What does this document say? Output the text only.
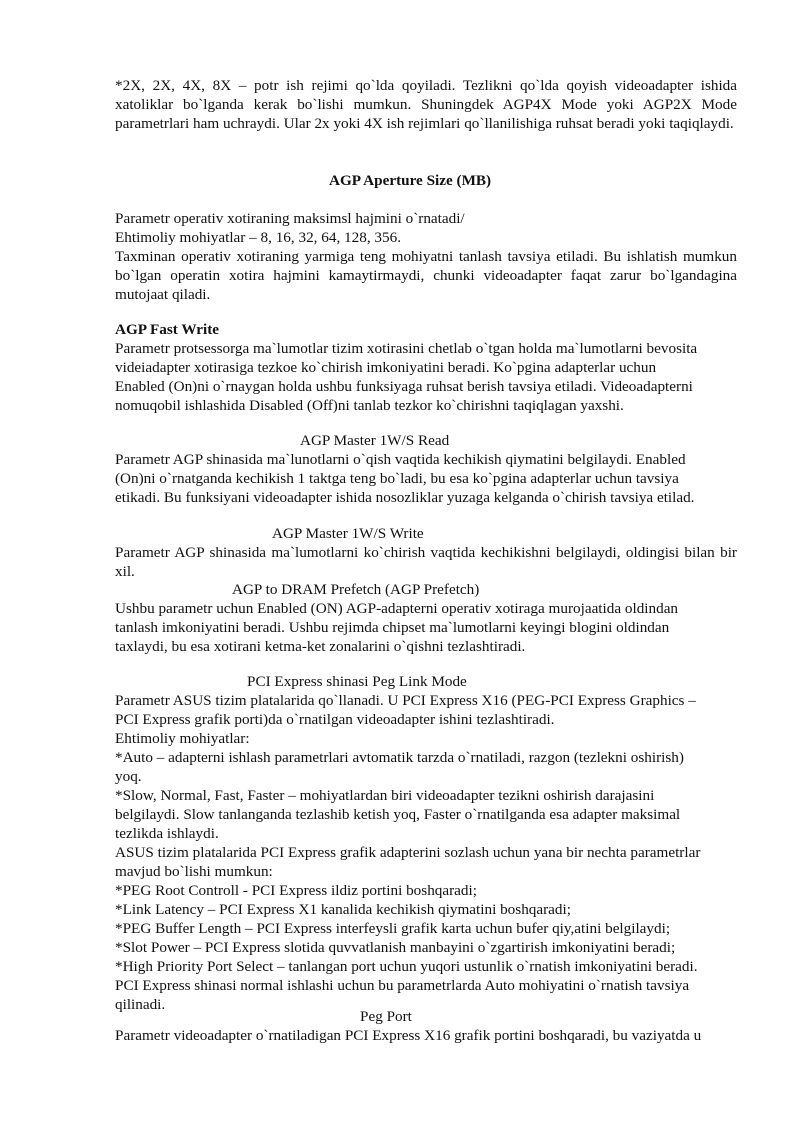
*2X, 2X, 4X, 8X – potr ish rejimi qo`lda qoyiladi. Tezlikni qo`lda qoyish videoadapter ishida xatoliklar bo`lganda kerak bo`lishi mumkun. Shuningdek AGP4X Mode yoki AGP2X Mode parametrlari ham uchraydi. Ular 2x yoki 4X ish rejimlari qo`llanilishiga ruhsat beradi yoki taqiqlaydi.
AGP Aperture Size (MB)
Parametr operativ xotiraning maksimsl hajmini o`rnatadi/
Ehtimoliy mohiyatlar – 8, 16, 32, 64, 128, 356.
Taxminan operativ xotiraning yarmiga teng mohiyatni tanlash tavsiya etiladi. Bu ishlatish mumkun bo`lgan operatin xotira hajmini kamaytirmaydi, chunki videoadapter faqat zarur bo`lgandagina mutojaat qiladi.
AGP Fast Write
Parametr protsessorga ma`lumotlar tizim xotirasini chetlab o`tgan holda ma`lumotlarni bevosita
videiadapter xotirasiga tezkoe ko`chirish imkoniyatini beradi. Ko`pgina adapterlar uchun
Enabled (On)ni o`rnaygan holda ushbu funksiyaga ruhsat berish tavsiya etiladi. Videoadapterni
nomuqobil ishlashida Disabled (Off)ni tanlab tezkor ko`chirishni taqiqlagan yaxshi.
AGP Master 1W/S Read
Parametr AGP shinasida ma`lunotlarni o`qish vaqtida kechikish qiymatini belgilaydi. Enabled
(On)ni o`rnatganda kechikish 1 taktga teng bo`ladi, bu esa ko`pgina adapterlar uchun tavsiya
etikadi. Bu funksiyani videoadapter ishida nosozliklar yuzaga kelganda o`chirish tavsiya etilad.
AGP Master 1W/S Write
Parametr AGP shinasida ma`lumotlarni ko`chirish vaqtida kechikishni belgilaydi, oldingisi bilan bir xil.
AGP to DRAM Prefetch (AGP Prefetch)
Ushbu parametr uchun Enabled (ON) AGP-adapterni operativ xotiraga murojaatida oldindan
tanlash imkoniyatini beradi. Ushbu rejimda chipset ma`lumotlarni keyingi blogini oldindan
taxlaydi, bu esa xotirani ketma-ket zonalarini o`qishni tezlashtiradi.
PCI Express shinasi Peg Link Mode
Parametr ASUS tizim platalarida qo`llanadi. U PCI Express X16 (PEG-PCI Express Graphics –
PCI Express grafik porti)da o`rnatilgan videoadapter ishini tezlashtiradi.
Ehtimoliy mohiyatlar:
*Auto – adapterni ishlash parametrlari avtomatik tarzda o`rnatiladi, razgon (tezlekni oshirish)
yoq.
*Slow, Normal, Fast, Faster – mohiyatlardan biri videoadapter tezikni oshirish darajasini
belgilaydi. Slow tanlanganda tezlashib ketish yoq, Faster o`rnatilganda esa adapter maksimal
tezlikda ishlaydi.
ASUS tizim platalarida PCI Express grafik adapterini sozlash uchun yana bir nechta parametrlar
mavjud bo`lishi mumkun:
*PEG Root Controll - PCI Express ildiz portini boshqaradi;
*Link Latency – PCI Express X1 kanalida kechikish qiymatini boshqaradi;
*PEG Buffer Length – PCI Express interfeysli grafik karta uchun bufer qiy,atini belgilaydi;
*Slot Power – PCI Express slotida quvvatlanish manbayini o`zgartirish imkoniyatini beradi;
*High Priority Port Select – tanlangan port uchun yuqori ustunlik o`rnatish imkoniyatini beradi.
PCI Express shinasi normal ishlashi uchun bu parametrlarda Auto mohiyatini o`rnatish tavsiya
qilinadi.
Peg Port
Parametr videoadapter o`rnatiladigan PCI Express X16 grafik portini boshqaradi, bu vaziyatda u
